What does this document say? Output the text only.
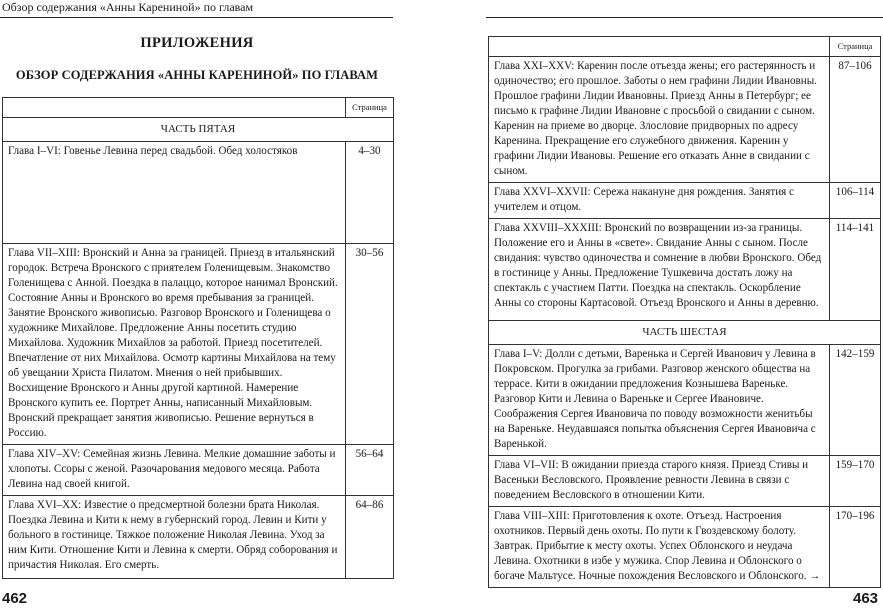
Обзор содержания «Анны Карениной» по главам
ПРИЛОЖЕНИЯ
ОБЗОР СОДЕРЖАНИЯ «АННЫ КАРЕНИНОЙ» ПО ГЛАВАМ
	Страница
ЧАСТЬ ПЯТАЯ	
Глава I–VI: Говенье Левина перед свадьбой. Обед холостяков	4–30
Глава VII–XIII: Вронский и Анна за границей. Приезд в итальянский городок. Встреча Вронского с приятелем Голенищевым. Знакомство Голенищева с Анной. Поездка в палаццо, которое нанимал Вронский. Состояние Анны и Вронского во время пребывания за границей. Занятие Вронского живописью. Разговор Вронского и Голенищева о художнике Михайлове. Предложение Анны посетить студию Михайлова. Художник Михайлов за работой. Приезд посетителей. Впечатление от них Михайлова. Осмотр картины Михайлова на тему об увещании Христа Пилатом. Мнения о ней прибывших. Восхищение Вронского и Анны другой картиной. Намерение Вронского купить ее. Портрет Анны, написанный Михайловым. Вронский прекращает занятия живописью. Решение вернуться в Россию.	30–56
Глава XIV–XV: Семейная жизнь Левина. Мелкие домашние заботы и хлопоты. Ссоры с женой. Разочарования медового месяца. Работа Левина над своей книгой.	56–64
Глава XVI–XX: Известие о предсмертной болезни брата Николая. Поездка Левина и Кити к нему в губернский город. Левин и Кити у больного в гостинице. Тяжкое положение Николая Левина. Уход за ним Кити. Отношение Кити и Левина к смерти. Обряд соборования и причастия Николая. Его смерть.	64–86
462
	Страница
Глава XXI–XXV: Каренин после отъезда жены; его растерянность и одиночество; его прошлое. Заботы о нем графини Лидии Ивановны. Прошлое графини Лидии Ивановны. Приезд Анны в Петербург; ее письмо к графине Лидии Ивановне с просьбой о свидании с сыном. Каренин на приеме во дворце. Злословие придворных по адресу Каренина. Прекращение его служебного движения. Каренин у графини Лидии Ивановы. Решение его отказать Анне в свидании с сыном.	87–106
Глава XXVI–XXVII: Сережа накануне дня рождения. Занятия с учителем и отцом.	106–114
Глава XXVIII–XXXIII: Вронский по возвращении из-за границы. Положение его и Анны в «свете». Свидание Анны с сыном. После свидания: чувство одиночества и сомнение в любви Вронского. Обед в гостинице у Анны. Предложение Тушкевича достать ложу на спектакль с участием Патти. Поездка на спектакль. Оскорбление Анны со стороны Картасовой. Отъезд Вронского и Анны в деревню.	114–141
ЧАСТЬ ШЕСТАЯ	
Глава I–V: Долли с детьми, Варенька и Сергей Иванович у Левина в Покровском. Прогулка за грибами. Разговор женского общества на террасе. Кити в ожидании предложения Кознышева Вареньке. Разговор Кити и Левина о Вареньке и Сергее Ивановиче. Соображения Сергея Ивановича по поводу возможности женитьбы на Вареньке. Неудавшаяся попытка объяснения Сергея Ивановича с Варенькой.	142–159
Глава VI–VII: В ожидании приезда старого князя. Приезд Стивы и Васеньки Весловского. Проявление ревности Левина в связи с поведением Весловского в отношении Кити.	159–170
Глава VIII–XIII: Приготовления к охоте. Отъезд. Настроения охотников. Первый день охоты. По пути к Гвоздевскому болоту. Завтрак. Прибытие к месту охоты. Успех Облонского и неудача Левина. Охотники в избе у мужика. Спор Левина и Облонского о богаче Мальтусе. Ночные похождения Весловского и Облонского. →	170–196
463
